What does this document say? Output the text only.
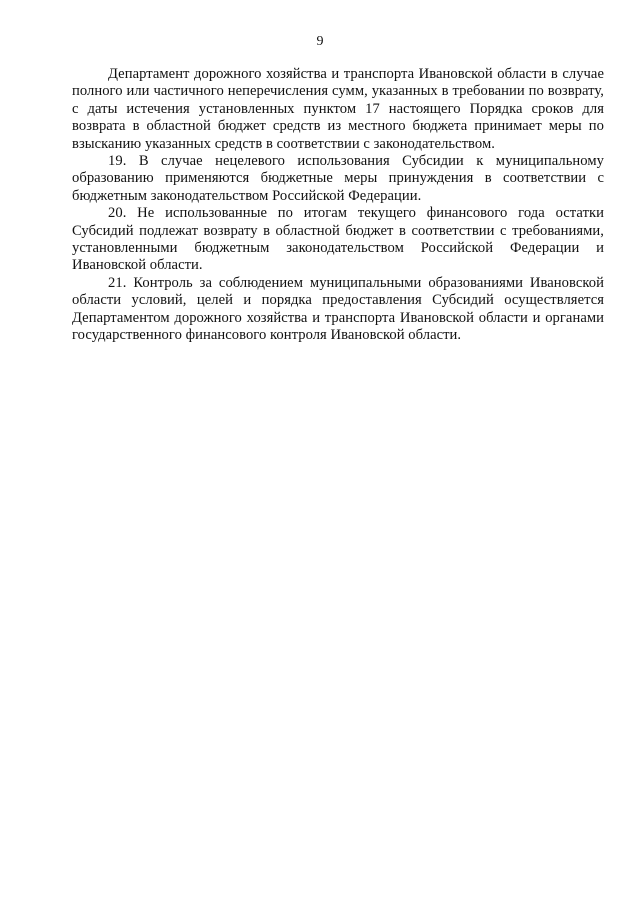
9

Департамент дорожного хозяйства и транспорта Ивановской области в случае полного или частичного неперечисления сумм, указанных в требовании по возврату, с даты истечения установленных пунктом 17 настоящего Порядка сроков для возврата в областной бюджет средств из местного бюджета принимает меры по взысканию указанных средств в соответствии с законодательством.

19. В случае нецелевого использования Субсидии к муниципальному образованию применяются бюджетные меры принуждения в соответствии с бюджетным законодательством Российской Федерации.

20. Не использованные по итогам текущего финансового года остатки Субсидий подлежат возврату в областной бюджет в соответствии с требованиями, установленными бюджетным законодательством Российской Федерации и Ивановской области.

21. Контроль за соблюдением муниципальными образованиями Ивановской области условий, целей и порядка предоставления Субсидий осуществляется Департаментом дорожного хозяйства и транспорта Ивановской области и органами государственного финансового контроля Ивановской области.
